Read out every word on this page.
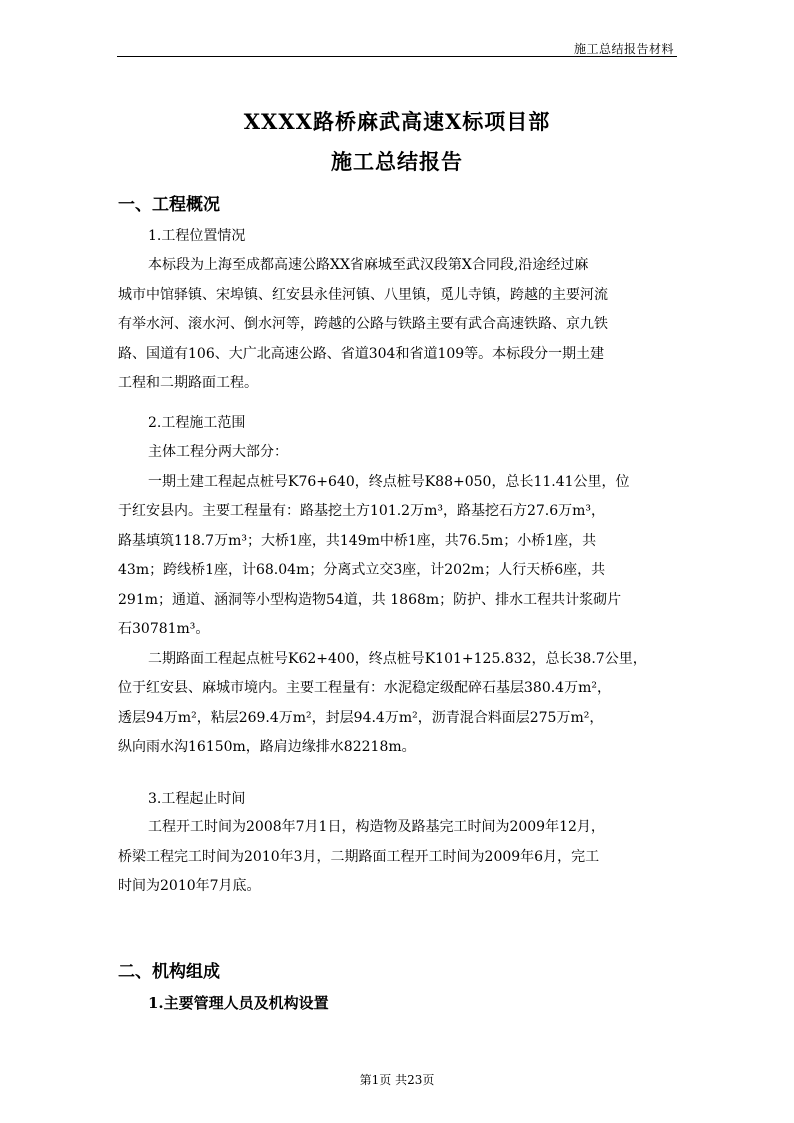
施工总结报告材料
XXXX路桥麻武高速X标项目部
施工总结报告
一、工程概况
1.工程位置情况
本标段为上海至成都高速公路XX省麻城至武汉段第X合同段,沿途经过麻
城市中馆驿镇、宋埠镇、红安县永佳河镇、八里镇，觅儿寺镇，跨越的主要河流
有举水河、滚水河、倒水河等，跨越的公路与铁路主要有武合高速铁路、京九铁
路、国道有106、大广北高速公路、省道304和省道109等。本标段分一期土建
工程和二期路面工程。
2.工程施工范围
主体工程分两大部分：
一期土建工程起点桩号K76+640，终点桩号K88+050，总长11.41公里，位
于红安县内。主要工程量有：路基挖土方101.2万m³，路基挖石方27.6万m³，
路基填筑118.7万m³；大桥1座，共149m中桥1座，共76.5m；小桥1座，共
43m；跨线桥1座，计68.04m；分离式立交3座，计202m；人行天桥6座，共
291m；通道、涵洞等小型构造物54道，共 1868m；防护、排水工程共计浆砌片
石30781m³。
二期路面工程起点桩号K62+400，终点桩号K101+125.832，总长38.7公里，
位于红安县、麻城市境内。主要工程量有：水泥稳定级配碎石基层380.4万m²，
透层94万m²，粘层269.4万m²，封层94.4万m²，沥青混合料面层275万m²，
纵向雨水沟16150m，路肩边缘排水82218m。
3.工程起止时间
工程开工时间为2008年7月1日，构造物及路基完工时间为2009年12月，
桥梁工程完工时间为2010年3月，二期路面工程开工时间为2009年6月，完工
时间为2010年7月底。
二、机构组成
1.主要管理人员及机构设置
第1页 共23页
